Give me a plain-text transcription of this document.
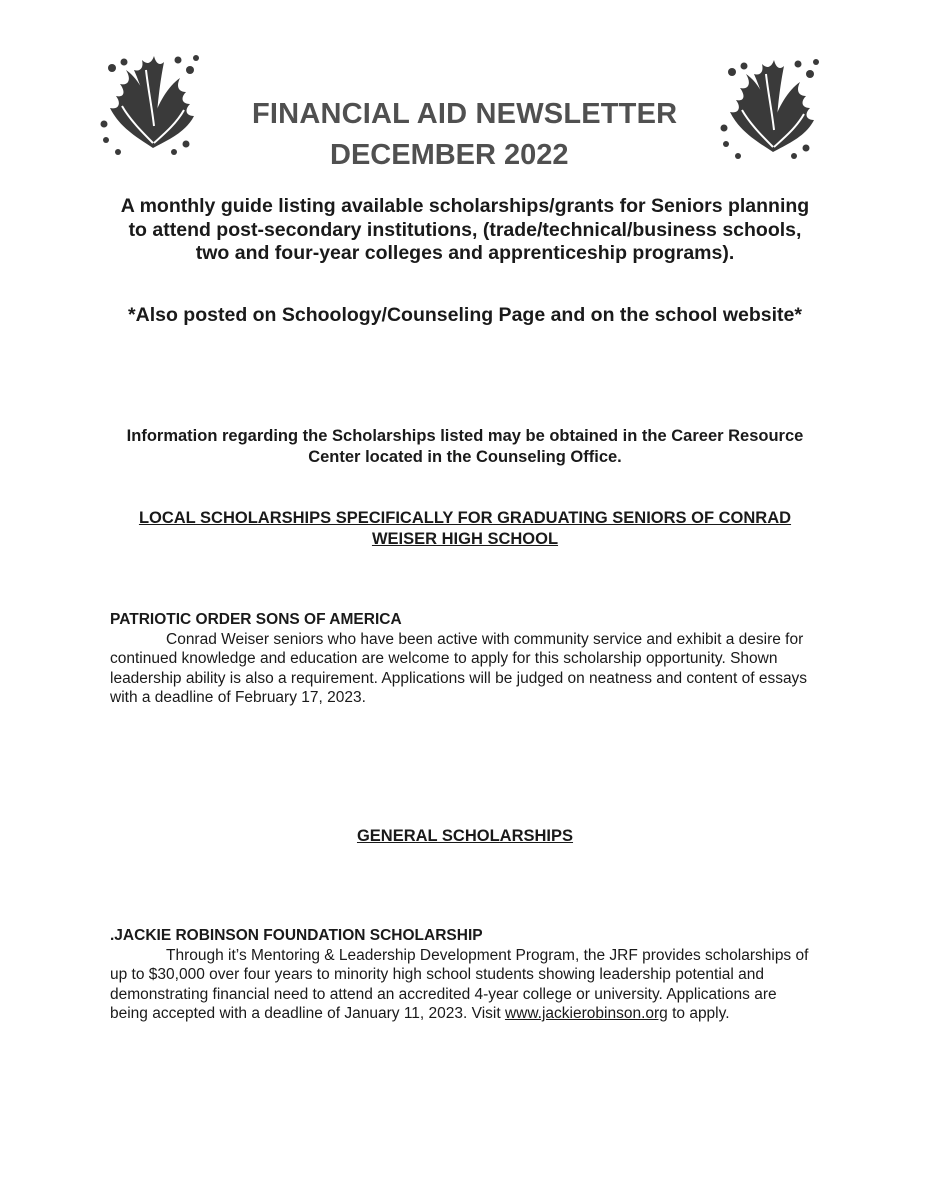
FINANCIAL AID NEWSLETTER
DECEMBER 2022
A monthly guide listing available scholarships/grants for Seniors planning to attend post-secondary institutions, (trade/technical/business schools, two and four-year colleges and apprenticeship programs).
*Also posted on Schoology/Counseling Page and on the school website*
Information regarding the Scholarships listed may be obtained in the Career Resource Center located in the Counseling Office.
LOCAL SCHOLARSHIPS SPECIFICALLY FOR GRADUATING SENIORS OF CONRAD WEISER HIGH SCHOOL
PATRIOTIC ORDER SONS OF AMERICA

Conrad Weiser seniors who have been active with community service and exhibit a desire for continued knowledge and education are welcome to apply for this scholarship opportunity. Shown leadership ability is also a requirement. Applications will be judged on neatness and content of essays with a deadline of February 17, 2023.

GENERAL SCHOLARSHIPS
.JACKIE ROBINSON FOUNDATION SCHOLARSHIP

Through it’s Mentoring & Leadership Development Program, the JRF provides scholarships of up to $30,000 over four years to minority high school students showing leadership potential and demonstrating financial need to attend an accredited 4-year college or university. Applications are being accepted with a deadline of January 11, 2023. Visit www.jackierobinson.org to apply.
